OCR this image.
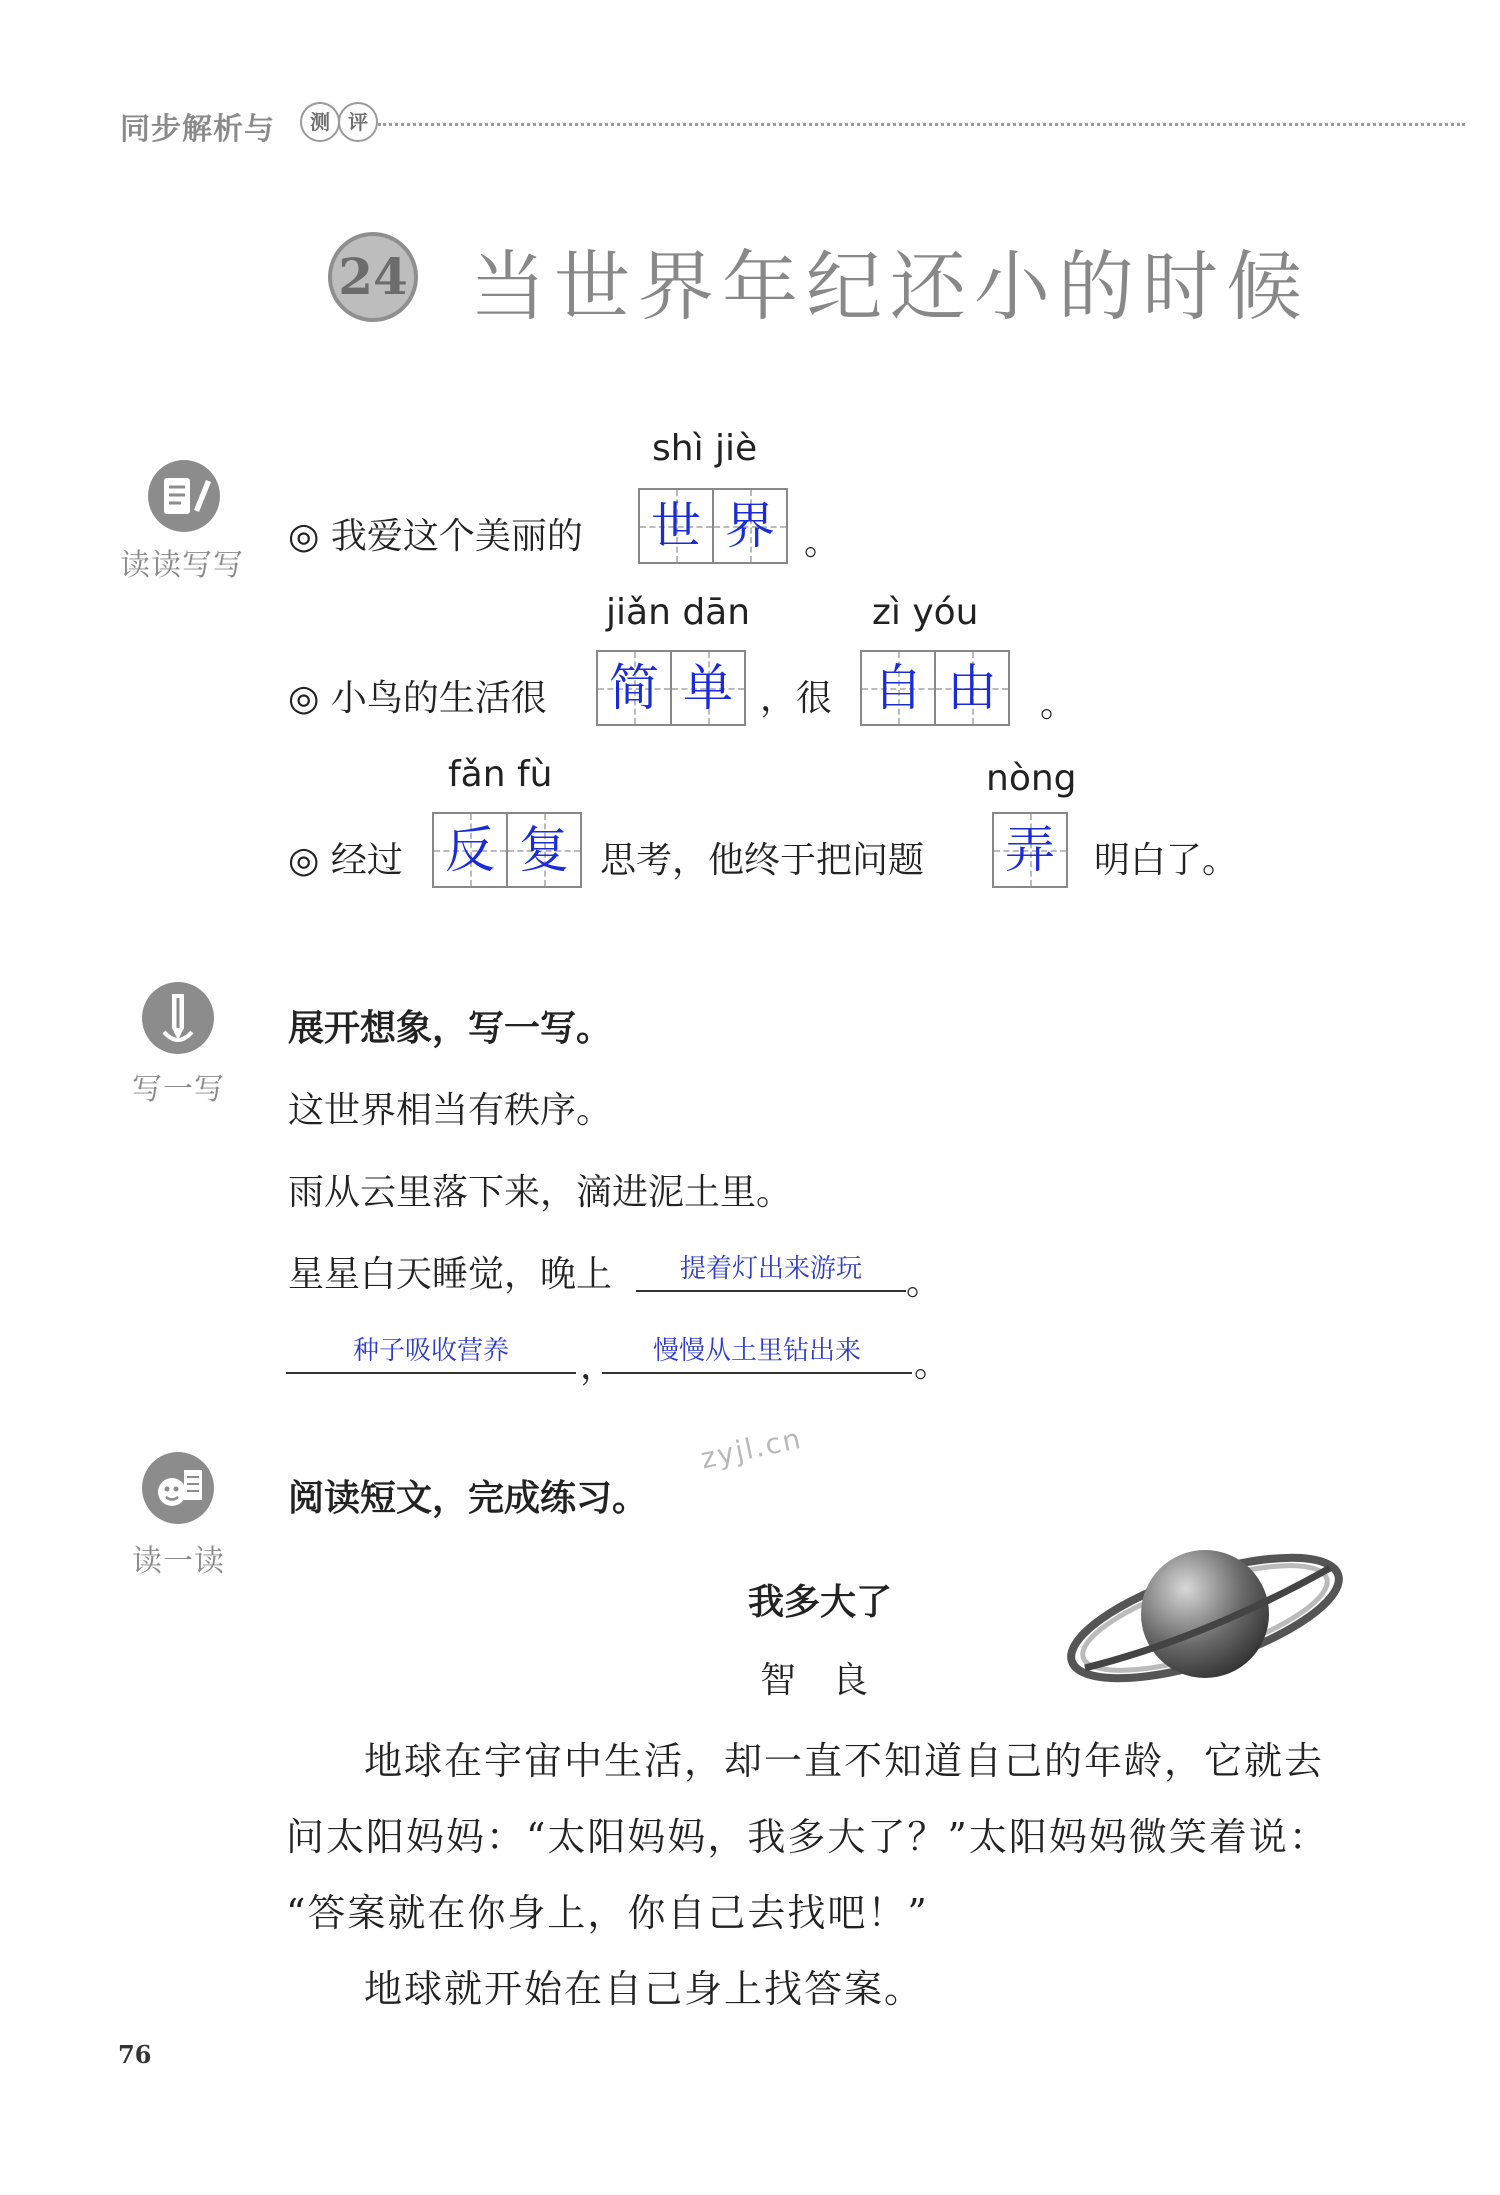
同步解析与	测 评
24 当世界年纪还小的时候
读读写写
shì jiè
◎ 我爱这个美丽的 世 界 。
jiǎn dān	zì yóu
◎ 小鸟的生活很 简 单 ，很 自 由	。
fǎn fù	nòng
◎ 经过 反 复 思考，他终于把问题 弄	明白了。
写一写
展开想象，写一写。
这世界相当有秩序。
雨从云里落下来，滴进泥土里。
星星白天睡觉，晚上	提着灯出来游玩	。
种子吸收营养	，	慢慢从土里钻出来	。
zyjl.cn
读一读
阅读短文，完成练习。
我多大了
智　良
地球在宇宙中生活，却一直不知道自己的年龄，它就去
问太阳妈妈：“太阳妈妈，我多大了？”太阳妈妈微笑着说：
“答案就在你身上，你自己去找吧！”
地球就开始在自己身上找答案。
76
